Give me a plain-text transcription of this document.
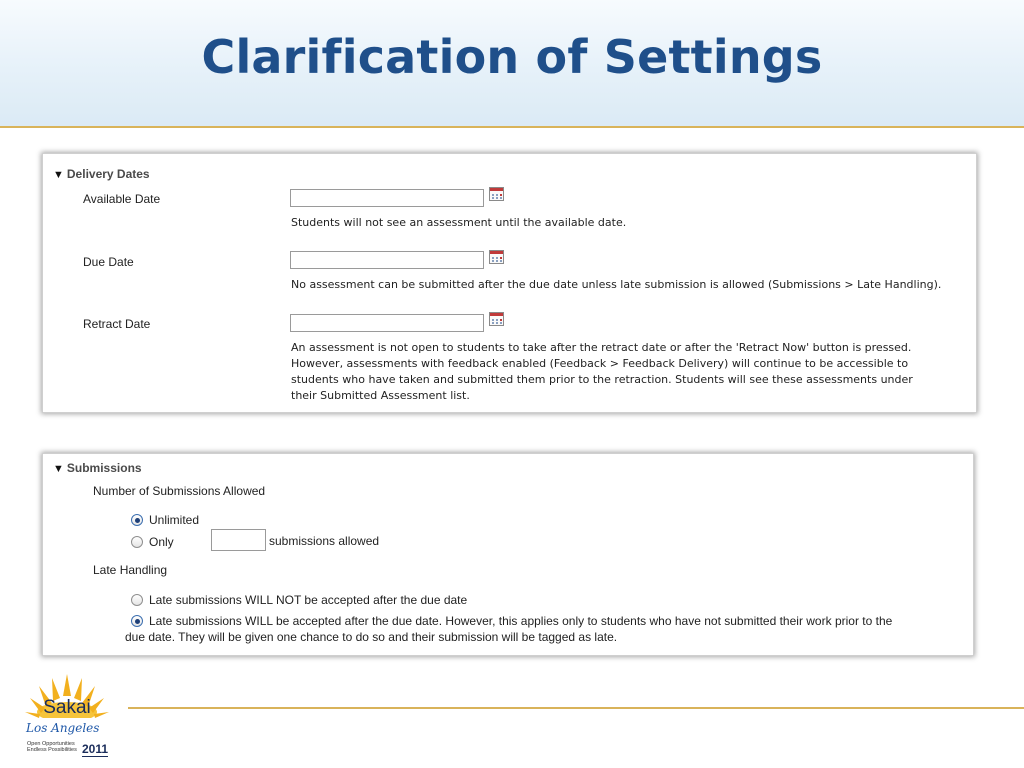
Clarification of Settings
▼ Delivery Dates
Available Date
Students will not see an assessment until the available date.
Due Date
No assessment can be submitted after the due date unless late submission is allowed (Submissions > Late Handling).
Retract Date
An assessment is not open to students to take after the retract date or after the 'Retract Now' button is pressed.
However, assessments with feedback enabled (Feedback > Feedback Delivery) will continue to be accessible to
students who have taken and submitted them prior to the retraction. Students will see these assessments under
their Submitted Assessment list.
▼ Submissions
Number of Submissions Allowed
Unlimited
Only	submissions allowed
Late Handling
Late submissions WILL NOT be accepted after the due date
Late submissions WILL be accepted after the due date. However, this applies only to students who have not submitted their work prior to the
due date. They will be given one chance to do so and their submission will be tagged as late.
Sakai
Los Angeles
Open Opportunities
Endless Possibilities 2011
